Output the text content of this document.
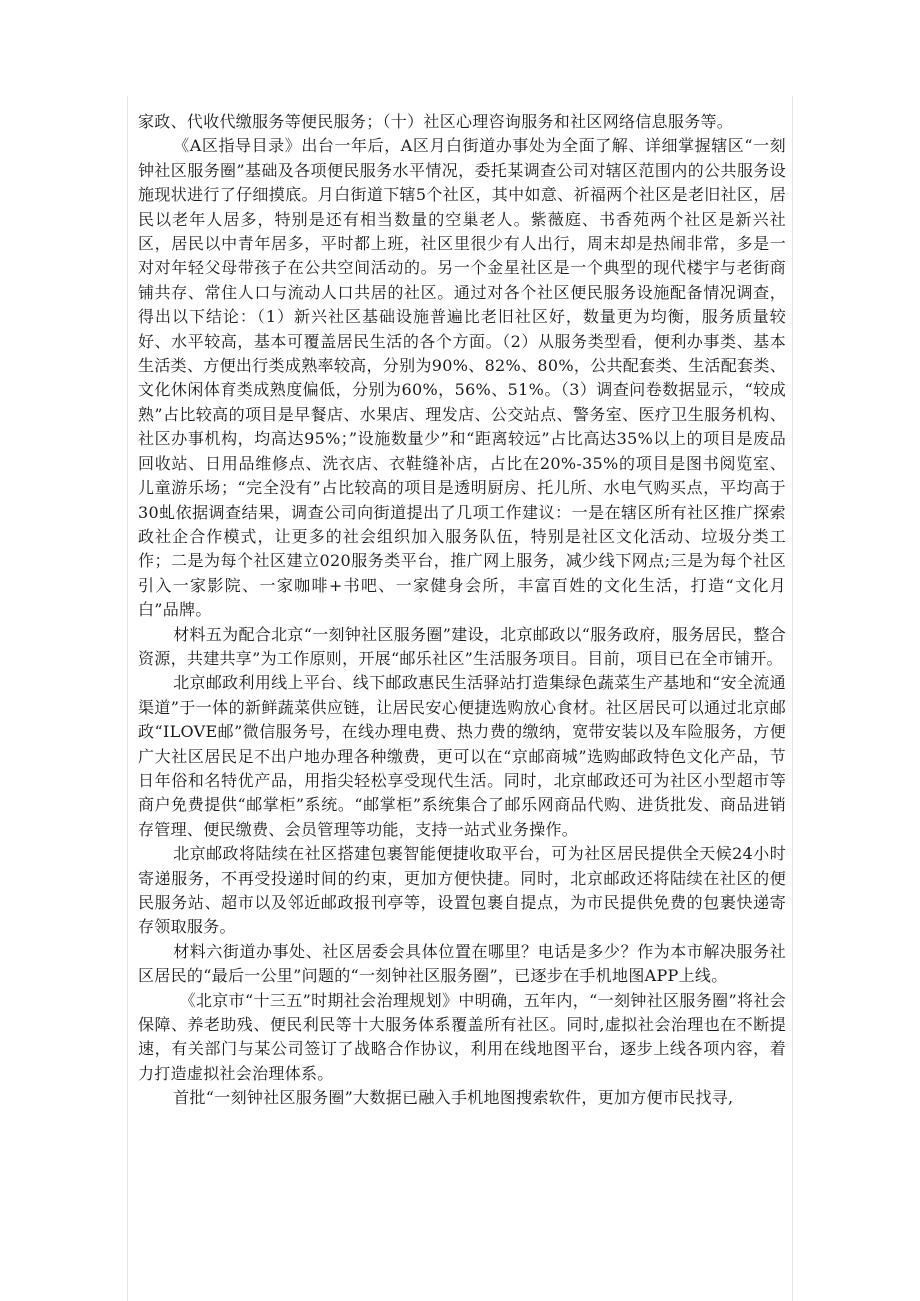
家政、代收代缴服务等便民服务；（十）社区心理咨询服务和社区网络信息服务等。

《A区指导目录》出台一年后，A区月白街道办事处为全面了解、详细掌握辖区“一刻钟社区服务圈”基础及各项便民服务水平情况，委托某调查公司对辖区范围内的公共服务设施现状进行了仔细摸底。月白街道下辖5个社区，其中如意、祈福两个社区是老旧社区，居民以老年人居多，特别是还有相当数量的空巢老人。紫薇庭、书香苑两个社区是新兴社区，居民以中青年居多，平时都上班，社区里很少有人出行，周末却是热闹非常，多是一对对年轻父母带孩子在公共空间活动的。另一个金星社区是一个典型的现代楼宇与老街商铺共存、常住人口与流动人口共居的社区。通过对各个社区便民服务设施配备情况调查，得出以下结论：（1）新兴社区基础设施普遍比老旧社区好，数量更为均衡，服务质量较好、水平较高，基本可覆盖居民生活的各个方面。（2）从服务类型看，便利办事类、基本生活类、方便出行类成熟率较高，分别为90%、82%、80%，公共配套类、生活配套类、文化休闲体育类成熟度偏低，分别为60%，56%、51%。（3）调查问卷数据显示，“较成熟”占比较高的项目是早餐店、水果店、理发店、公交站点、警务室、医疗卫生服务机构、社区办事机构，均高达95%；”设施数量少”和“距离较远”占比高达35%以上的项目是废品回收站、日用品维修点、洗衣店、衣鞋缝补店，占比在20%-35%的项目是图书阅览室、儿童游乐场；“完全没有”占比较高的项目是透明厨房、托儿所、水电气购买点，平均高于30虬依据调查结果，调查公司向街道提出了几项工作建议：一是在辖区所有社区推广探索政社企合作模式，让更多的社会组织加入服务队伍，特别是社区文化活动、垃圾分类工作；二是为每个社区建立020服务类平台，推广网上服务，减少线下网点;三是为每个社区引入一家影院、一家咖啡+书吧、一家健身会所，丰富百姓的文化生活，打造“文化月白”品牌。

材料五为配合北京“一刻钟社区服务圈”建设，北京邮政以“服务政府，服务居民，整合资源，共建共享”为工作原则，开展“邮乐社区”生活服务项目。目前，项目已在全市铺开。

北京邮政利用线上平台、线下邮政惠民生活驿站打造集绿色蔬菜生产基地和“安全流通渠道”于一体的新鲜蔬菜供应链，让居民安心便捷选购放心食材。社区居民可以通过北京邮政“ILOVE邮”微信服务号，在线办理电费、热力费的缴纳，宽带安装以及车险服务，方便广大社区居民足不出户地办理各种缴费，更可以在“京邮商城”选购邮政特色文化产品，节日年俗和名特优产品，用指尖轻松享受现代生活。同时，北京邮政还可为社区小型超市等商户免费提供“邮掌柜”系统。“邮掌柜”系统集合了邮乐网商品代购、进货批发、商品进销存管理、便民缴费、会员管理等功能，支持一站式业务操作。

北京邮政将陆续在社区搭建包裹智能便捷收取平台，可为社区居民提供全天候24小时寄递服务，不再受投递时间的约束，更加方便快捷。同时，北京邮政还将陆续在社区的便民服务站、超市以及邻近邮政报刊亭等，设置包裹自提点，为市民提供免费的包裹快递寄存领取服务。

材料六街道办事处、社区居委会具体位置在哪里？电话是多少？作为本市解决服务社区居民的“最后一公里”问题的“一刻钟社区服务圈”，已逐步在手机地图APP上线。

《北京市“十三五”时期社会治理规划》中明确，五年内，“一刻钟社区服务圈”将社会保障、养老助残、便民利民等十大服务体系覆盖所有社区。同时,虚拟社会治理也在不断提速，有关部门与某公司签订了战略合作协议，利用在线地图平台，逐步上线各项内容，着力打造虚拟社会治理体系。

首批“一刻钟社区服务圈”大数据已融入手机地图搜索软件，更加方便市民找寻,
